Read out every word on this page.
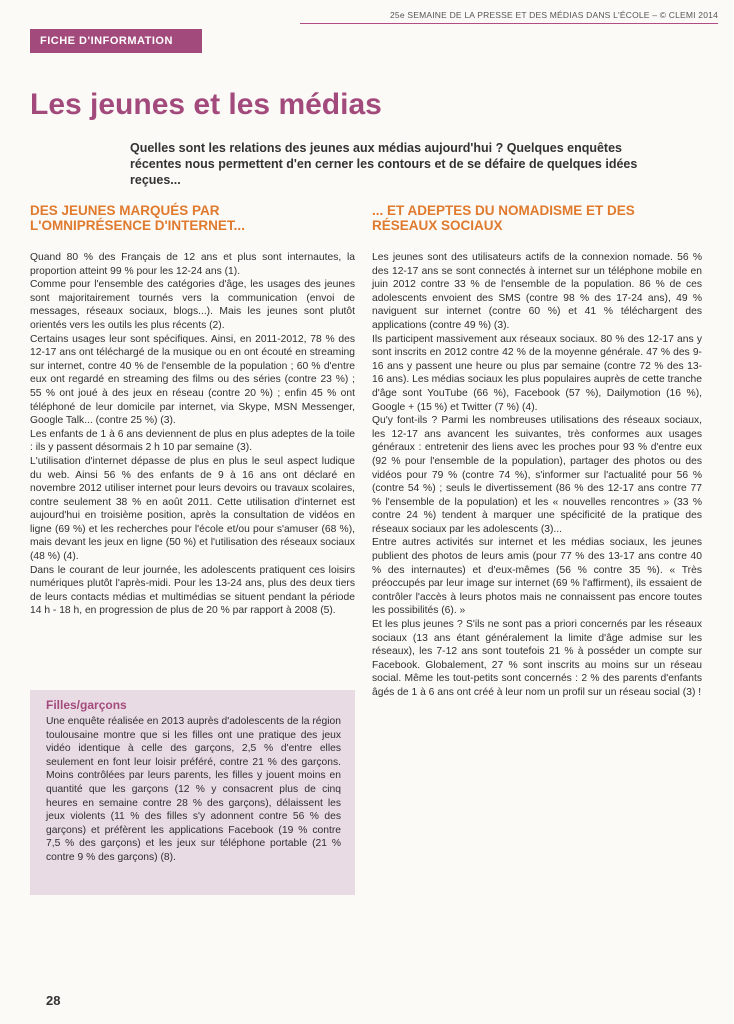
25e SEMAINE DE LA PRESSE ET DES MÉDIAS DANS L'ÉCOLE – © CLEMI 2014
FICHE D'INFORMATION
Les jeunes et les médias

Quelles sont les relations des jeunes aux médias aujourd'hui ? Quelques enquêtes récentes nous permettent d'en cerner les contours et de se défaire de quelques idées reçues...

DES JEUNES MARQUÉS PAR L'OMNIPRÉSENCE D'INTERNET...

Quand 80 % des Français de 12 ans et plus sont internautes, la proportion atteint 99 % pour les 12-24 ans (1).

Comme pour l'ensemble des catégories d'âge, les usages des jeunes sont majoritairement tournés vers la communication (envoi de messages, réseaux sociaux, blogs...). Mais les jeunes sont plutôt orientés vers les outils les plus récents (2).

Certains usages leur sont spécifiques. Ainsi, en 2011-2012, 78 % des 12-17 ans ont téléchargé de la musique ou en ont écouté en streaming sur internet, contre 40 % de l'ensemble de la population ; 60 % d'entre eux ont regardé en streaming des films ou des séries (contre 23 %) ; 55 % ont joué à des jeux en réseau (contre 20 %) ; enfin 45 % ont téléphoné de leur domicile par internet, via Skype, MSN Messenger, Google Talk... (contre 25 %) (3).

Les enfants de 1 à 6 ans deviennent de plus en plus adeptes de la toile : ils y passent désormais 2 h 10 par semaine (3).

L'utilisation d'internet dépasse de plus en plus le seul aspect ludique du web. Ainsi 56 % des enfants de 9 à 16 ans ont déclaré en novembre 2012 utiliser internet pour leurs devoirs ou travaux scolaires, contre seulement 38 % en août 2011. Cette utilisation d'internet est aujourd'hui en troisième position, après la consultation de vidéos en ligne (69 %) et les recherches pour l'école et/ou pour s'amuser (68 %), mais devant les jeux en ligne (50 %) et l'utilisation des réseaux sociaux (48 %) (4).

Dans le courant de leur journée, les adolescents pratiquent ces loisirs numériques plutôt l'après-midi. Pour les 13-24 ans, plus des deux tiers de leurs contacts médias et multimédias se situent pendant la période 14 h - 18 h, en progression de plus de 20 % par rapport à 2008 (5).

... ET ADEPTES DU NOMADISME ET DES RÉSEAUX SOCIAUX

Les jeunes sont des utilisateurs actifs de la connexion nomade. 56 % des 12-17 ans se sont connectés à internet sur un téléphone mobile en juin 2012 contre 33 % de l'ensemble de la population. 86 % de ces adolescents envoient des SMS (contre 98 % des 17-24 ans), 49 % naviguent sur internet (contre 60 %) et 41 % téléchargent des applications (contre 49 %) (3).

Ils participent massivement aux réseaux sociaux. 80 % des 12-17 ans y sont inscrits en 2012 contre 42 % de la moyenne générale. 47 % des 9-16 ans y passent une heure ou plus par semaine (contre 72 % des 13-16 ans). Les médias sociaux les plus populaires auprès de cette tranche d'âge sont YouTube (66 %), Facebook (57 %), Dailymotion (16 %), Google + (15 %) et Twitter (7 %) (4).

Qu'y font-ils ? Parmi les nombreuses utilisations des réseaux sociaux, les 12-17 ans avancent les suivantes, très conformes aux usages généraux : entretenir des liens avec les proches pour 93 % d'entre eux (92 % pour l'ensemble de la population), partager des photos ou des vidéos pour 79 % (contre 74 %), s'informer sur l'actualité pour 56 % (contre 54 %) ; seuls le divertissement (86 % des 12-17 ans contre 77 % l'ensemble de la population) et les « nouvelles rencontres » (33 % contre 24 %) tendent à marquer une spécificité de la pratique des réseaux sociaux par les adolescents (3)...

Entre autres activités sur internet et les médias sociaux, les jeunes publient des photos de leurs amis (pour 77 % des 13-17 ans contre 40 % des internautes) et d'eux-mêmes (56 % contre 35 %). « Très préoccupés par leur image sur internet (69 % l'affirment), ils essaient de contrôler l'accès à leurs photos mais ne connaissent pas encore toutes les possibilités (6). »

Et les plus jeunes ? S'ils ne sont pas a priori concernés par les réseaux sociaux (13 ans étant généralement la limite d'âge admise sur les réseaux), les 7-12 ans sont toutefois 21 % à posséder un compte sur Facebook. Globalement, 27 % sont inscrits au moins sur un réseau social. Même les tout-petits sont concernés : 2 % des parents d'enfants âgés de 1 à 6 ans ont créé à leur nom un profil sur un réseau social (3) !

Filles/garçons

Une enquête réalisée en 2013 auprès d'adolescents de la région toulousaine montre que si les filles ont une pratique des jeux vidéo identique à celle des garçons, 2,5 % d'entre elles seulement en font leur loisir préféré, contre 21 % des garçons. Moins contrôlées par leurs parents, les filles y jouent moins en quantité que les garçons (12 % y consacrent plus de cinq heures en semaine contre 28 % des garçons), délaissent les jeux violents (11 % des filles s'y adonnent contre 56 % des garçons) et préfèrent les applications Facebook (19 % contre 7,5 % des garçons) et les jeux sur téléphone portable (21 % contre 9 % des garçons) (8).

28
